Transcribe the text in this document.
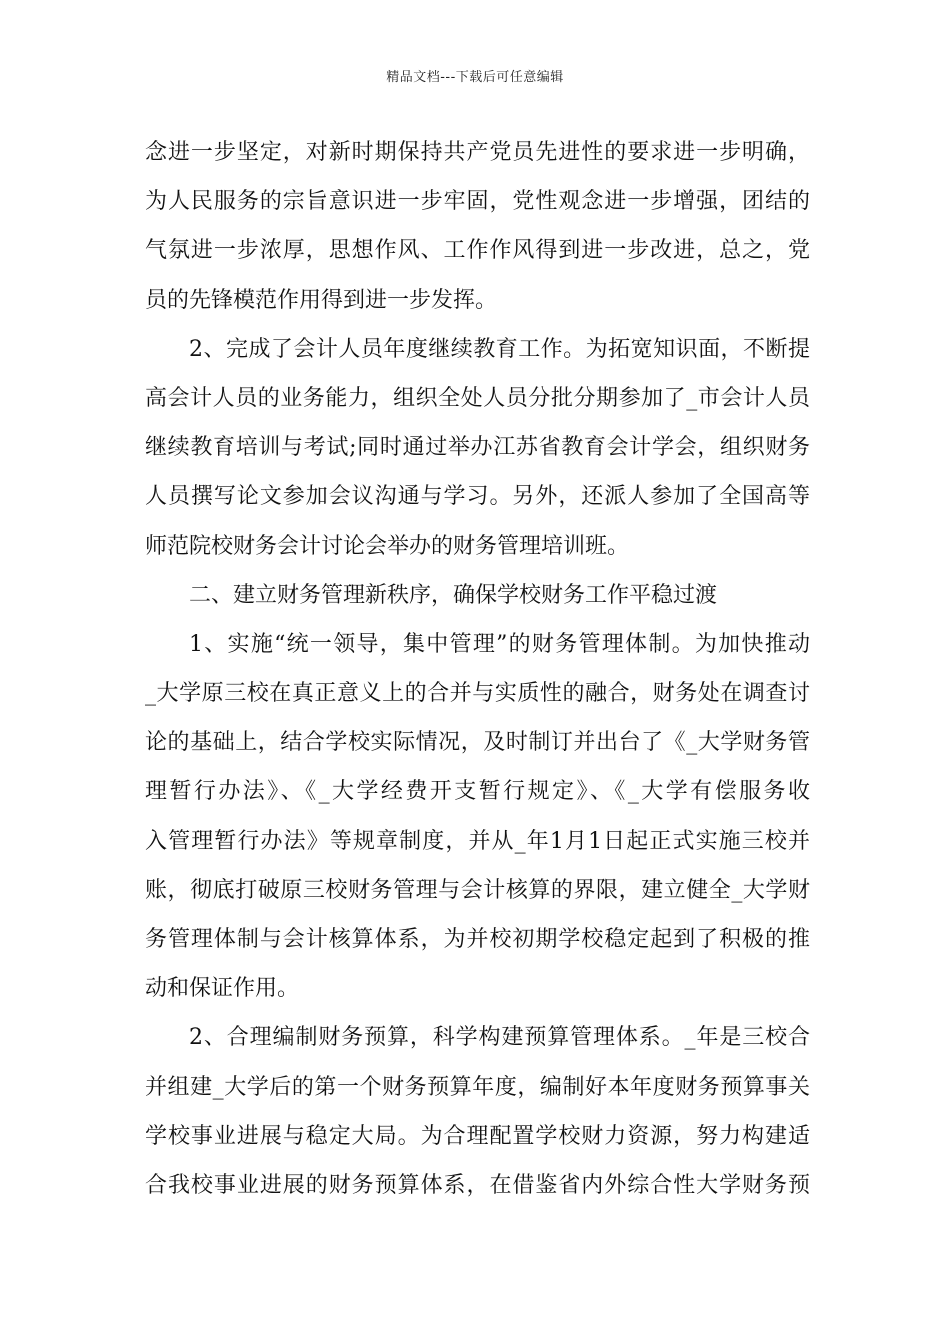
精品文档---下载后可任意编辑
念进一步坚定，对新时期保持共产党员先进性的要求进一步明确，
为人民服务的宗旨意识进一步牢固，党性观念进一步增强，团结的
气氛进一步浓厚，思想作风、工作作风得到进一步改进，总之，党
员的先锋模范作用得到进一步发挥。
2、完成了会计人员年度继续教育工作。为拓宽知识面，不断提
高会计人员的业务能力，组织全处人员分批分期参加了_市会计人员
继续教育培训与考试;同时通过举办江苏省教育会计学会，组织财务
人员撰写论文参加会议沟通与学习。另外，还派人参加了全国高等
师范院校财务会计讨论会举办的财务管理培训班。
二、建立财务管理新秩序，确保学校财务工作平稳过渡
1、实施“统一领导，集中管理”的财务管理体制。为加快推动
_大学原三校在真正意义上的合并与实质性的融合，财务处在调查讨
论的基础上，结合学校实际情况，及时制订并出台了《_大学财务管
理暂行办法》、《_大学经费开支暂行规定》、《_大学有偿服务收
入管理暂行办法》等规章制度，并从_年1月1日起正式实施三校并
账，彻底打破原三校财务管理与会计核算的界限，建立健全_大学财
务管理体制与会计核算体系，为并校初期学校稳定起到了积极的推
动和保证作用。
2、合理编制财务预算，科学构建预算管理体系。_年是三校合
并组建_大学后的第一个财务预算年度，编制好本年度财务预算事关
学校事业进展与稳定大局。为合理配置学校财力资源，努力构建适
合我校事业进展的财务预算体系，在借鉴省内外综合性大学财务预
